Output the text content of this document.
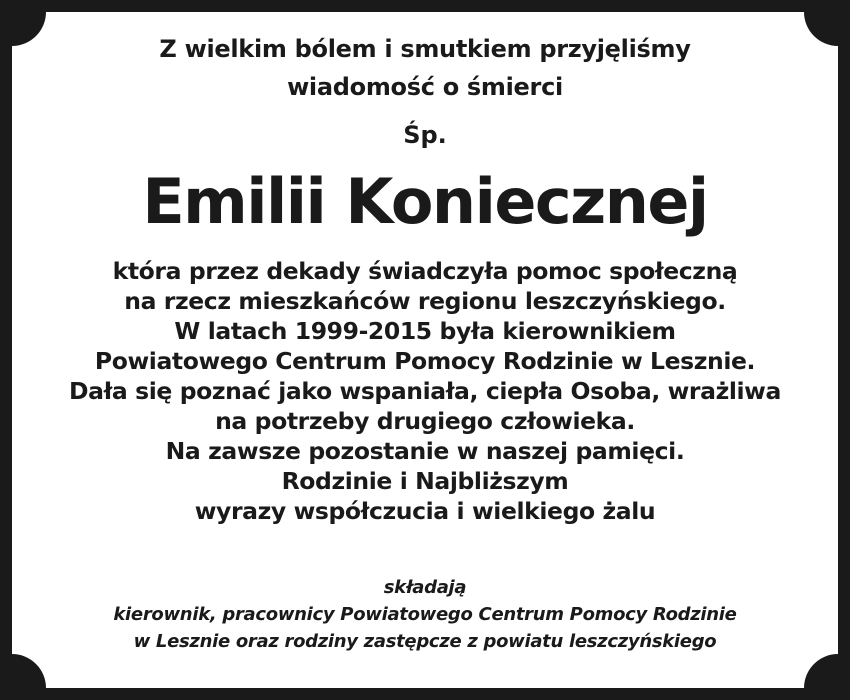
Z wielkim bólem i smutkiem przyjęliśmy
wiadomość o śmierci
Śp.
Emilii Koniecznej
która przez dekady świadczyła pomoc społeczną
na rzecz mieszkańców regionu leszczyńskiego.
W latach 1999-2015 była kierownikiem
Powiatowego Centrum Pomocy Rodzinie w Lesznie.
Dała się poznać jako wspaniała, ciepła Osoba, wrażliwa
na potrzeby drugiego człowieka.
Na zawsze pozostanie w naszej pamięci.
Rodzinie i Najbliższym
wyrazy współczucia i wielkiego żalu
składają
kierownik, pracownicy Powiatowego Centrum Pomocy Rodzinie
w Lesznie oraz rodziny zastępcze z powiatu leszczyńskiego
